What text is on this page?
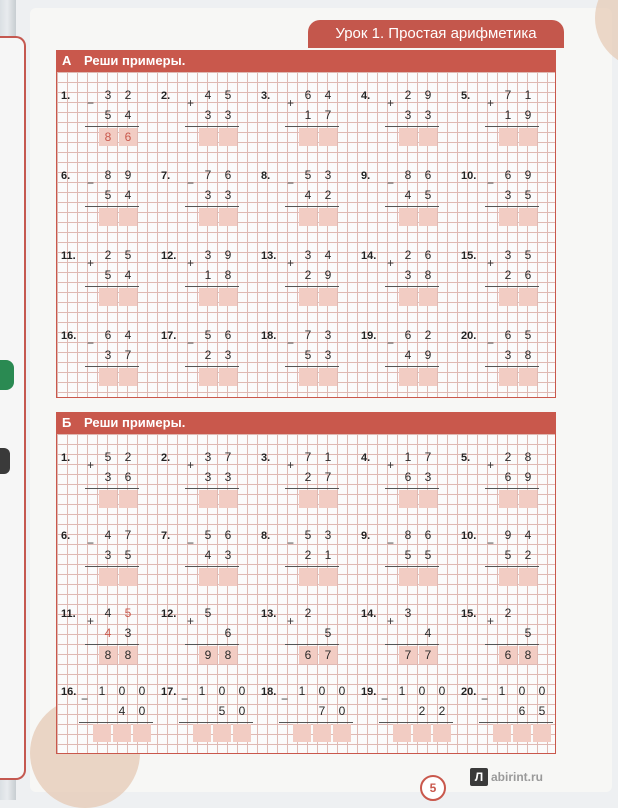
Урок 1. Простая арифметика
А Реши примеры.
1. −
3	2
5	4
8	6
2. +
4	5
3	3
3. +
6	4
1	7
4. +
2	9
3	3
5. +
7	1
1	9
6. −
8	9
5	4
7. −
7	6
3	3
8. −
5	3
4	2
9. −
8	6
4	5
10. −
6	9
3	5
11. +
2	5
5	4
12. +
3	9
1	8
13. +
3	4
2	9
14. +
2	6
3	8
15. +
3	5
2	6
16. −
6	4
3	7
17. −
5	6
2	3
18. −
7	3
5	3
19. −
6	2
4	9
20. −
6	5
3	8
Б Реши примеры.
1. +
5	2
3	6
2. +
3	7
3	3
3. +
7	1
2	7
4. +
1	7
6	3
5. +
2	8
6	9
6. −
4	7
3	5
7. −
5	6
4	3
8. −
5	3
2	1
9. −
8	6
5	5
10. −
9	4
5	2
11. +
4	5
4	3
8	8
12. +
5
6
9	8
13. +
2
5
6	7
14. +
3
4
7	7
15. +
2
5
6	8
16. −
1	0	0
4	0
17. −
1	0	0
5	0
18. −
1	0	0
7	0
19. −
1	0	0
2	2
20. −
1	0	0
6	5
5
Л abirint.ru
